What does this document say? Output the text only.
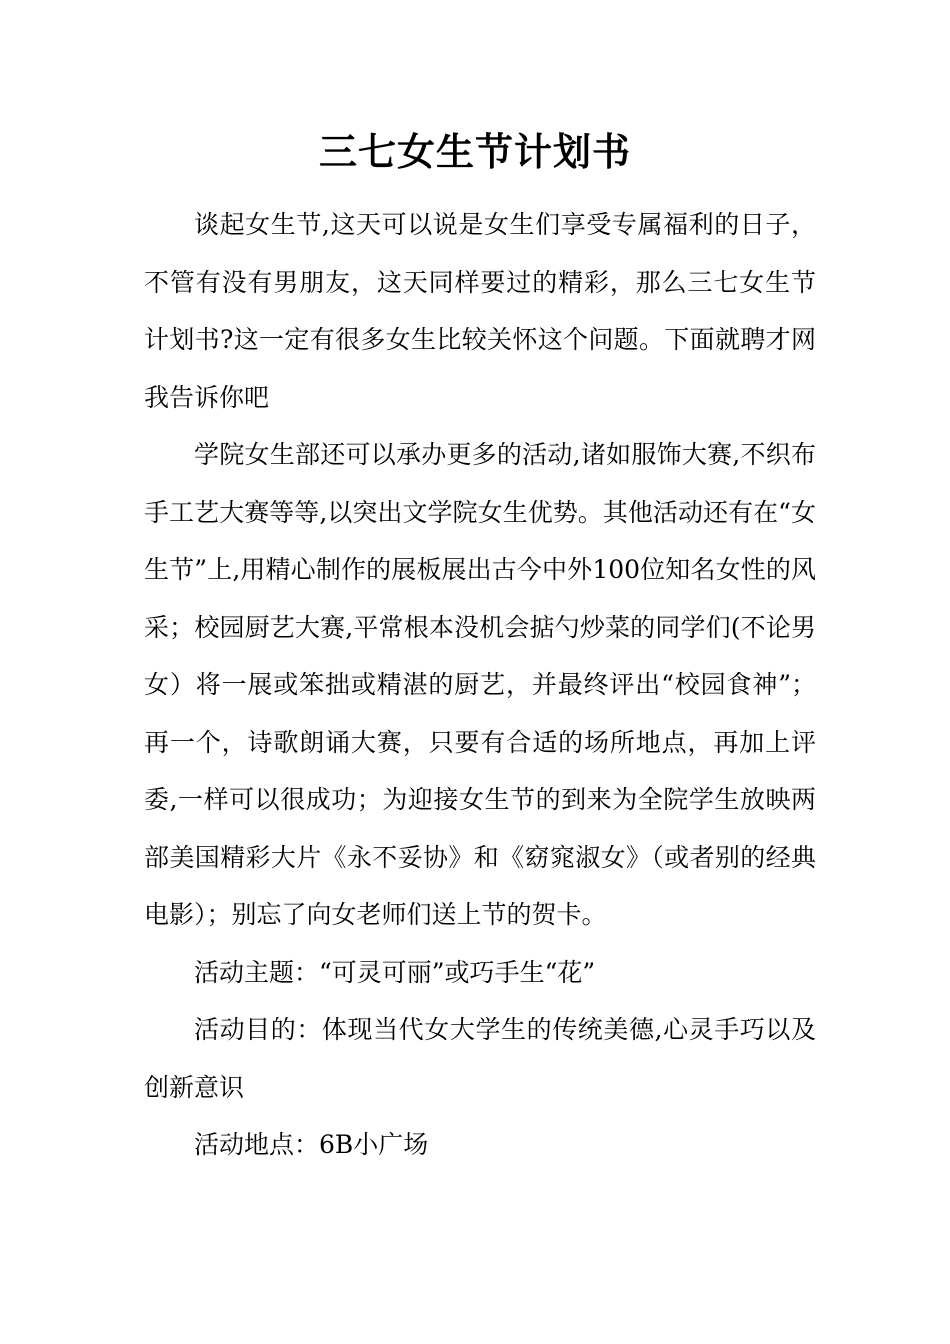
三七女生节计划书

谈起女生节,这天可以说是女生们享受专属福利的日子，不管有没有男朋友，这天同样要过的精彩，那么三七女生节计划书?这一定有很多女生比较关怀这个问题。下面就聘才网我告诉你吧

学院女生部还可以承办更多的活动,诸如服饰大赛,不织布手工艺大赛等等,以突出文学院女生优势。其他活动还有在“女生节”上,用精心制作的展板展出古今中外100位知名女性的风采；校园厨艺大赛,平常根本没机会掂勺炒菜的同学们(不论男女）将一展或笨拙或精湛的厨艺，并最终评出“校园食神”；再一个，诗歌朗诵大赛，只要有合适的场所地点，再加上评委,一样可以很成功；为迎接女生节的到来为全院学生放映两部美国精彩大片《永不妥协》和《窈窕淑女》（或者别的经典电影）；别忘了向女老师们送上节的贺卡。

活动主题：“可灵可丽”或巧手生“花”

活动目的：体现当代女大学生的传统美德,心灵手巧以及创新意识

活动地点：6B小广场
